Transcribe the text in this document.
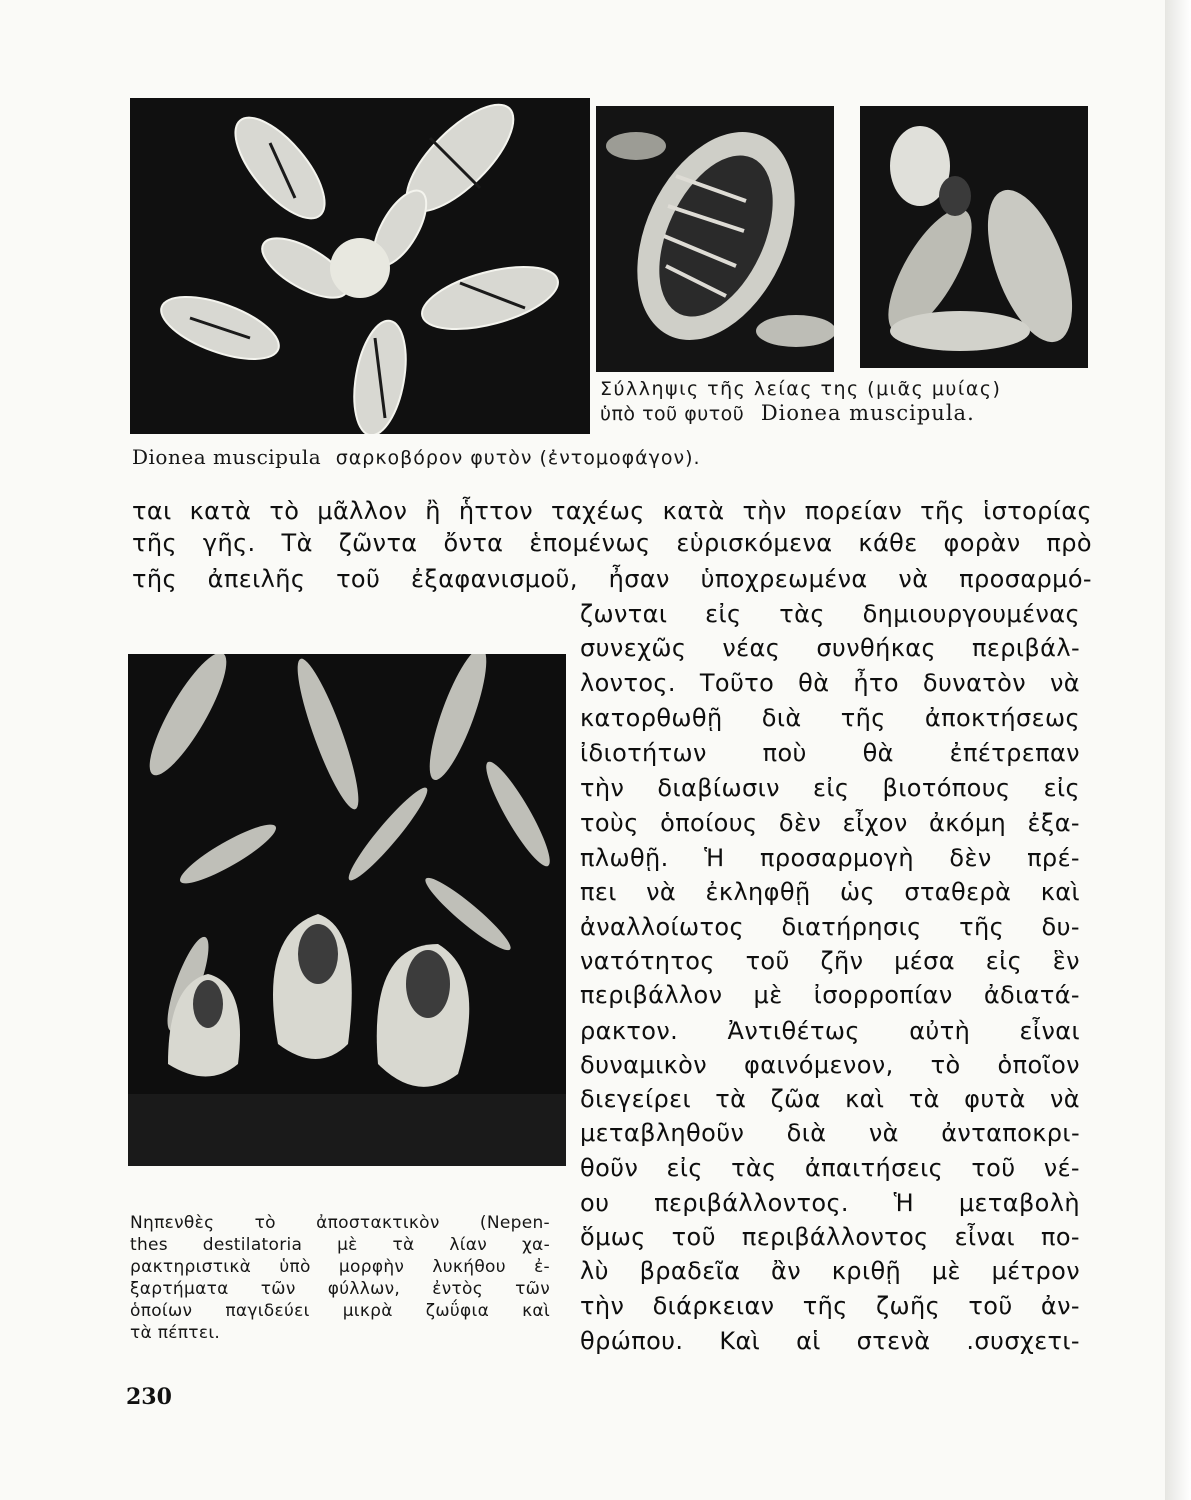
Σύλληψις τῆς λείας της (μιᾶς μυίας)
ὑπὸ τοῦ φυτοῦ Dionea muscipula.
Dionea muscipula σαρκοβόρον φυτὸν (ἐντομοφάγον).
ται κατὰ τὸ μᾶλλον ἢ ἧττον ταχέως κατὰ τὴν πορείαν τῆς ἱστορίας
τῆς γῆς. Τὰ ζῶντα ὄντα ἑπομένως εὑρισκόμενα κάθε φορὰν πρὸ
τῆς ἀπειλῆς τοῦ ἐξαφανισμοῦ, ἦσαν ὑποχρεωμένα νὰ προσαρμό-
Νηπενθὲς τὸ ἀποστακτικὸν (Nepen-
thes destilatoria μὲ τὰ λίαν χα-
ρακτηριστικὰ ὑπὸ μορφὴν λυκήθου ἐ-
ξαρτήματα τῶν φύλλων, ἐντὸς τῶν
ὁποίων παγιδεύει μικρὰ ζωΰφια καὶ
τὰ πέπτει.
ζωνται εἰς τὰς δημιουργουμένας
συνεχῶς νέας συνθήκας περιβάλ-
λοντος. Τοῦτο θὰ ἦτο δυνατὸν νὰ
κατορθωθῇ διὰ τῆς ἀποκτήσεως
ἰδιοτήτων ποὺ θὰ ἐπέτρεπαν
τὴν διαβίωσιν εἰς βιοτόπους εἰς
τοὺς ὁποίους δὲν εἶχον ἀκόμη ἐξα-
πλωθῇ. Ἡ προσαρμογὴ δὲν πρέ-
πει νὰ ἐκληφθῇ ὡς σταθερὰ καὶ
ἀναλλοίωτος διατήρησις τῆς δυ-
νατότητος τοῦ ζῆν μέσα εἰς ἓν
περιβάλλον μὲ ἰσορροπίαν ἀδιατά-
ρακτον. Ἀντιθέτως αὐτὴ εἶναι
δυναμικὸν φαινόμενον, τὸ ὁποῖον
διεγείρει τὰ ζῶα καὶ τὰ φυτὰ νὰ
μεταβληθοῦν διὰ νὰ ἀνταποκρι-
θοῦν εἰς τὰς ἀπαιτήσεις τοῦ νέ-
ου περιβάλλοντος. Ἡ μεταβολὴ
ὅμως τοῦ περιβάλλοντος εἶναι πο-
λὺ βραδεῖα ἂν κριθῇ μὲ μέτρον
τὴν διάρκειαν τῆς ζωῆς τοῦ ἀν-
θρώπου. Καὶ αἱ στενὰ .συσχετι-
230
